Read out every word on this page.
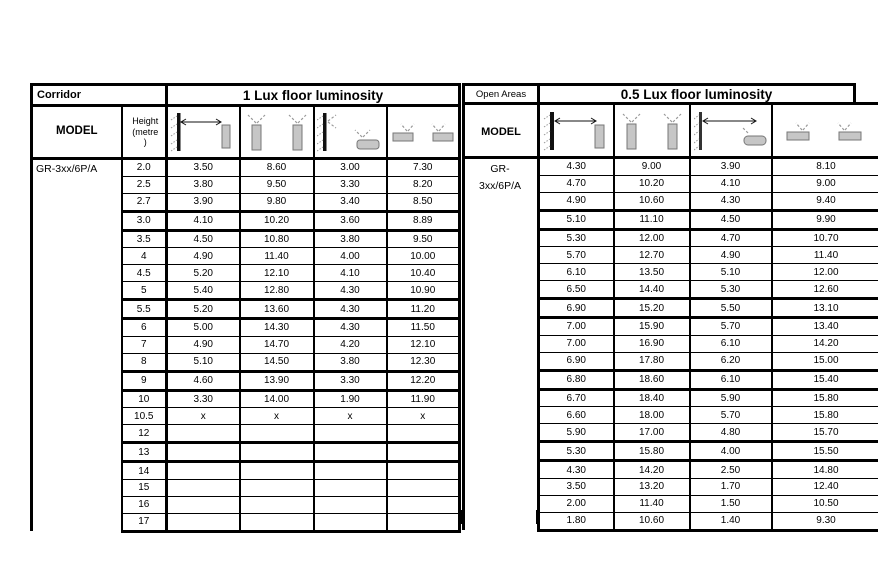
Corridor		1 Lux floor luminosity			
MODEL	Height
(metre
)

GR-3xx/6P/A	2.0	3.50	8.60	3.00	7.30
	2.5	3.80	9.50	3.30	8.20
	2.7	3.90	9.80	3.40	8.50
	3.0	4.10	10.20	3.60	8.89
	3.5	4.50	10.80	3.80	9.50
	4	4.90	11.40	4.00	10.00
	4.5	5.20	12.10	4.10	10.40
	5	5.40	12.80	4.30	10.90
	5.5	5.20	13.60	4.30	11.20
	6	5.00	14.30	4.30	11.50
	7	4.90	14.70	4.20	12.10
	8	5.10	14.50	3.80	12.30
	9	4.60	13.90	3.30	12.20
	10	3.30	14.00	1.90	11.90
	10.5	x	x	x	x
	12				
	13				
	14				
	15				
	16				
	17				
Open Areas	0.5 Lux floor luminosity				
MODEL	

GR-
3xx/6P/A	4.30	9.00	3.90	8.10	
	4.70	10.20	4.10	9.00	
	4.90	10.60	4.30	9.40	
	5.10	11.10	4.50	9.90	
	5.30	12.00	4.70	10.70	
	5.70	12.70	4.90	11.40	
	6.10	13.50	5.10	12.00	
	6.50	14.40	5.30	12.60	
	6.90	15.20	5.50	13.10	
	7.00	15.90	5.70	13.40	
	7.00	16.90	6.10	14.20	
	6.90	17.80	6.20	15.00	
	6.80	18.60	6.10	15.40	
	6.70	18.40	5.90	15.80	
	6.60	18.00	5.70	15.80	
	5.90	17.00	4.80	15.70	
	5.30	15.80	4.00	15.50	
	4.30	14.20	2.50	14.80	
	3.50	13.20	1.70	12.40	
	2.00	11.40	1.50	10.50	
	1.80	10.60	1.40	9.30	
